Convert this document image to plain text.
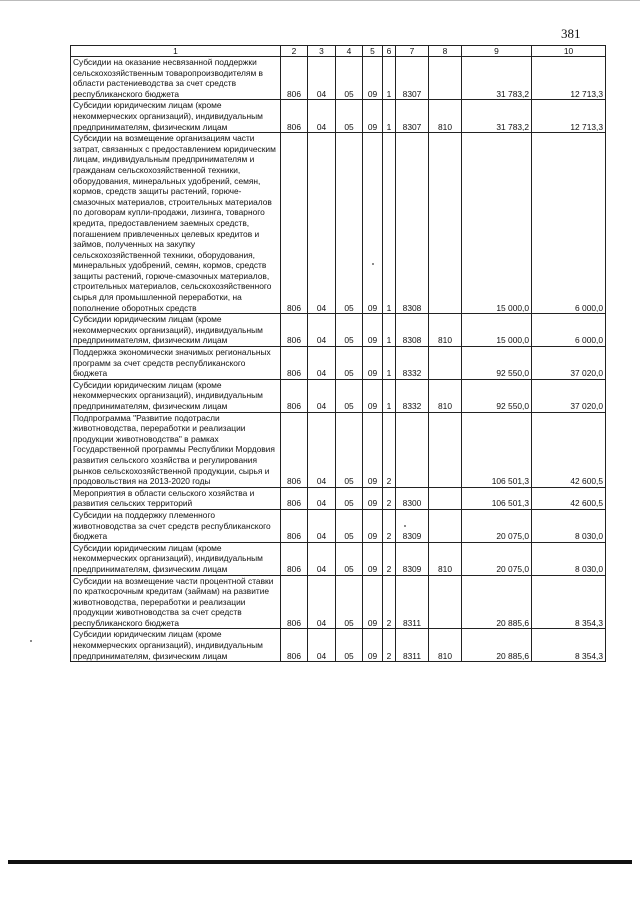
381
1	2	3	4	5	6	7	8	9	10
Субсидии на оказание несвязанной поддержки сельскохозяйственным товаропроизводителям в области растениеводства за счет средств республиканского бюджета	806	04	05	09	1	8307		31 783,2	12 713,3
Субсидии юридическим лицам (кроме некоммерческих организаций), индивидуальным предпринимателям, физическим лицам	806	04	05	09	1	8307	810	31 783,2	12 713,3
Субсидии на возмещение организациям части затрат, связанных с предоставлением юридическим лицам, индивидуальным предпринимателям и гражданам сельскохозяйственной техники, оборудования, минеральных удобрений, семян, кормов, средств защиты растений, горюче-смазочных материалов, строительных материалов по договорам купли-продажи, лизинга, товарного кредита, предоставлением заемных средств, погашением привлеченных целевых кредитов и займов, полученных на закупку сельскохозяйственной техники, оборудования, минеральных удобрений, семян, кормов, средств защиты растений, горюче-смазочных материалов, строительных материалов, сельскохозяйственного сырья для промышленной переработки, на пополнение оборотных средств	806	04	05	09	1	8308		15 000,0	6 000,0
Субсидии юридическим лицам (кроме некоммерческих организаций), индивидуальным предпринимателям, физическим лицам	806	04	05	09	1	8308	810	15 000,0	6 000,0
Поддержка экономически значимых региональных программ за счет средств республиканского бюджета	806	04	05	09	1	8332		92 550,0	37 020,0
Субсидии юридическим лицам (кроме некоммерческих организаций), индивидуальным предпринимателям, физическим лицам	806	04	05	09	1	8332	810	92 550,0	37 020,0
Подпрограмма "Развитие подотрасли животноводства, переработки и реализации продукции животноводства" в рамках Государственной программы Республики Мордовия развития сельского хозяйства и регулирования рынков сельскохозяйственной продукции, сырья и продовольствия на 2013-2020 годы	806	04	05	09	2			106 501,3	42 600,5
Мероприятия в области сельского хозяйства и развития сельских территорий	806	04	05	09	2	8300		106 501,3	42 600,5
Субсидии на поддержку племенного животноводства за счет средств республиканского бюджета	806	04	05	09	2	8309		20 075,0	8 030,0
Субсидии юридическим лицам (кроме некоммерческих организаций), индивидуальным предпринимателям, физическим лицам	806	04	05	09	2	8309	810	20 075,0	8 030,0
Субсидии на возмещение части процентной ставки по краткосрочным кредитам (займам) на развитие животноводства, переработки и реализации продукции животноводства за счет средств республиканского бюджета	806	04	05	09	2	8311		20 885,6	8 354,3
Субсидии юридическим лицам (кроме некоммерческих организаций), индивидуальным предпринимателям, физическим лицам	806	04	05	09	2	8311	810	20 885,6	8 354,3
